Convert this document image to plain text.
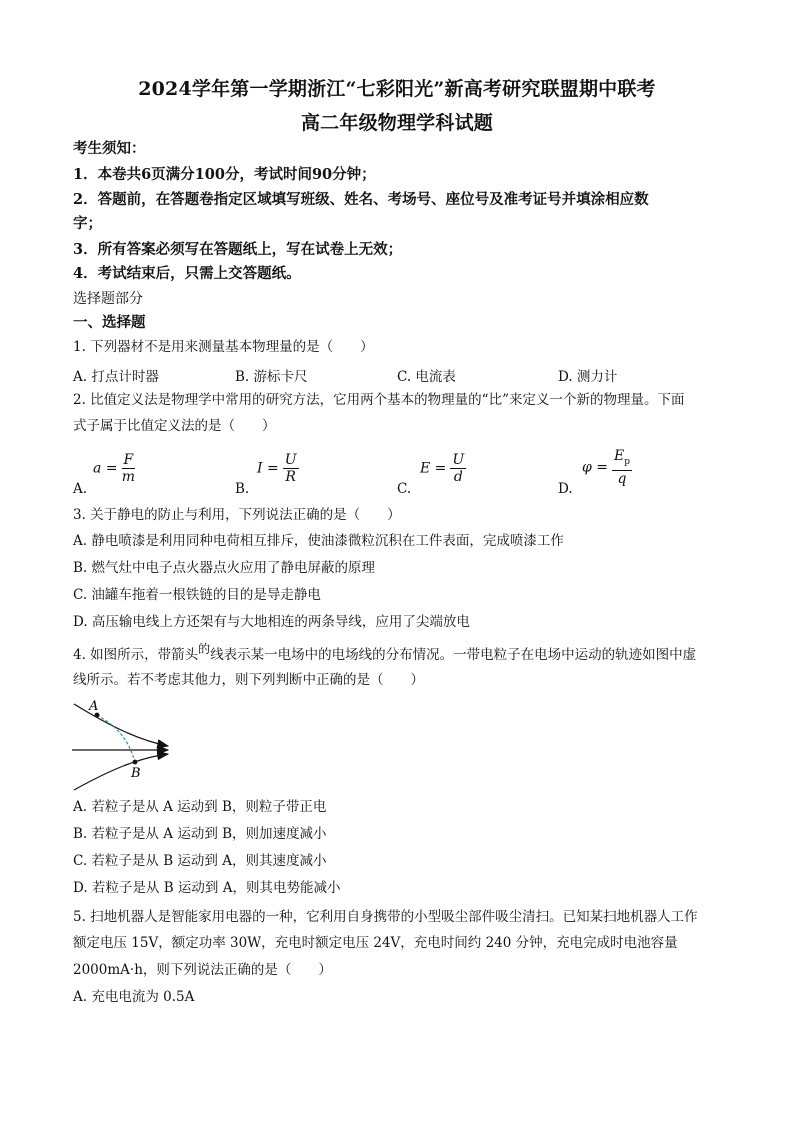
2024学年第一学期浙江“七彩阳光”新高考研究联盟期中联考
高二年级物理学科试题
考生须知：
1．本卷共6页满分100分，考试时间90分钟；
2．答题前，在答题卷指定区域填写班级、姓名、考场号、座位号及准考证号并填涂相应数
字；
3．所有答案必须写在答题纸上，写在试卷上无效；
4．考试结束后，只需上交答题纸。
选择题部分
一、选择题
1. 下列器材不是用来测量基本物理量的是（　　）
A. 打点计时器	B. 游标卡尺	C. 电流表	D. 测力计
2. 比值定义法是物理学中常用的研究方法，它用两个基本的物理量的“比”来定义一个新的物理量。下面
式子属于比值定义法的是（　　）
$a = \frac{F}{m}$
A.
$I = \frac{U}{R}$
B.
$E = \frac{U}{d}$
C.
$\varphi = \frac{E_p}{q}$
D.
3. 关于静电的防止与利用，下列说法正确的是（　　）
A. 静电喷漆是利用同种电荷相互排斥，使油漆微粒沉积在工件表面，完成喷漆工作
B. 燃气灶中电子点火器点火应用了静电屏蔽的原理
C. 油罐车拖着一根铁链的目的是导走静电
D. 高压输电线上方还架有与大地相连的两条导线，应用了尖端放电
4. 如图所示，带箭头的线表示某一电场中的电场线的分布情况。一带电粒子在电场中运动的轨迹如图中虚
线所示。若不考虑其他力，则下列判断中正确的是（　　）
A
B
A. 若粒子是从 A 运动到 B，则粒子带正电
B. 若粒子是从 A 运动到 B，则加速度减小
C. 若粒子是从 B 运动到 A，则其速度减小
D. 若粒子是从 B 运动到 A，则其电势能减小
5. 扫地机器人是智能家用电器的一种，它利用自身携带的小型吸尘部件吸尘清扫。已知某扫地机器人工作
额定电压 15V，额定功率 30W，充电时额定电压 24V，充电时间约 240 分钟，充电完成时电池容量
2000mA·h，则下列说法正确的是（　　）
A. 充电电流为 0.5A
